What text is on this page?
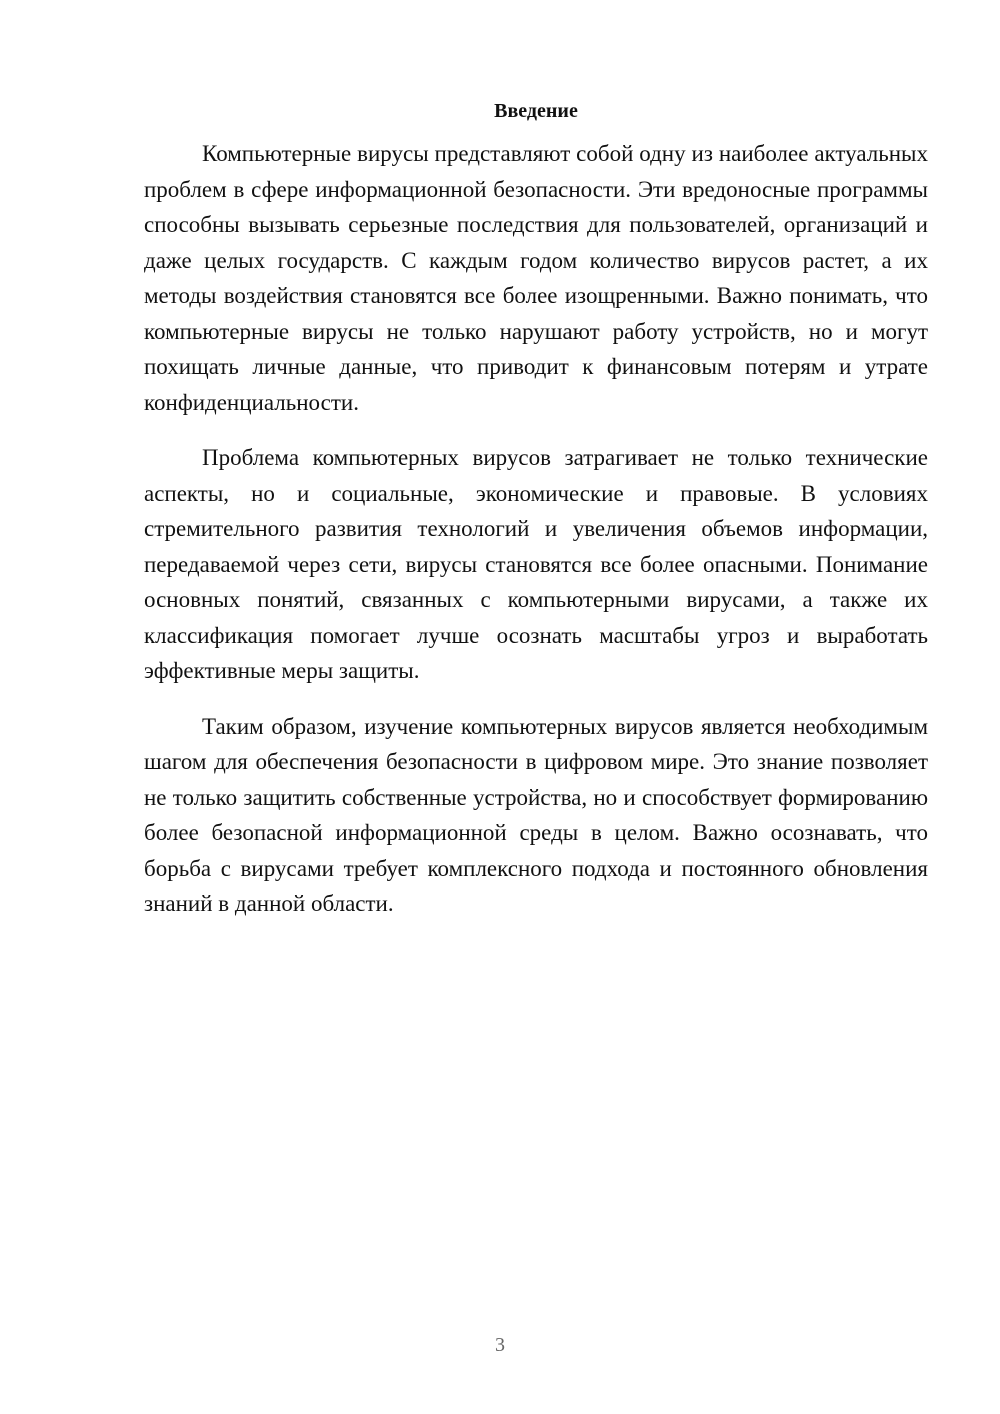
Введение

Компьютерные вирусы представляют собой одну из наиболее актуальных проблем в сфере информационной безопасности. Эти вредоносные программы способны вызывать серьезные последствия для пользователей, организаций и даже целых государств. С каждым годом количество вирусов растет, а их методы воздействия становятся все более изощренными. Важно понимать, что компьютерные вирусы не только нарушают работу устройств, но и могут похищать личные данные, что приводит к финансовым потерям и утрате конфиденциальности.

Проблема компьютерных вирусов затрагивает не только технические аспекты, но и социальные, экономические и правовые. В условиях стремительного развития технологий и увеличения объемов информации, передаваемой через сети, вирусы становятся все более опасными. Понимание основных понятий, связанных с компьютерными вирусами, а также их классификация помогает лучше осознать масштабы угроз и выработать эффективные меры защиты.

Таким образом, изучение компьютерных вирусов является необходимым шагом для обеспечения безопасности в цифровом мире. Это знание позволяет не только защитить собственные устройства, но и способствует формированию более безопасной информационной среды в целом. Важно осознавать, что борьба с вирусами требует комплексного подхода и постоянного обновления знаний в данной области.

3
